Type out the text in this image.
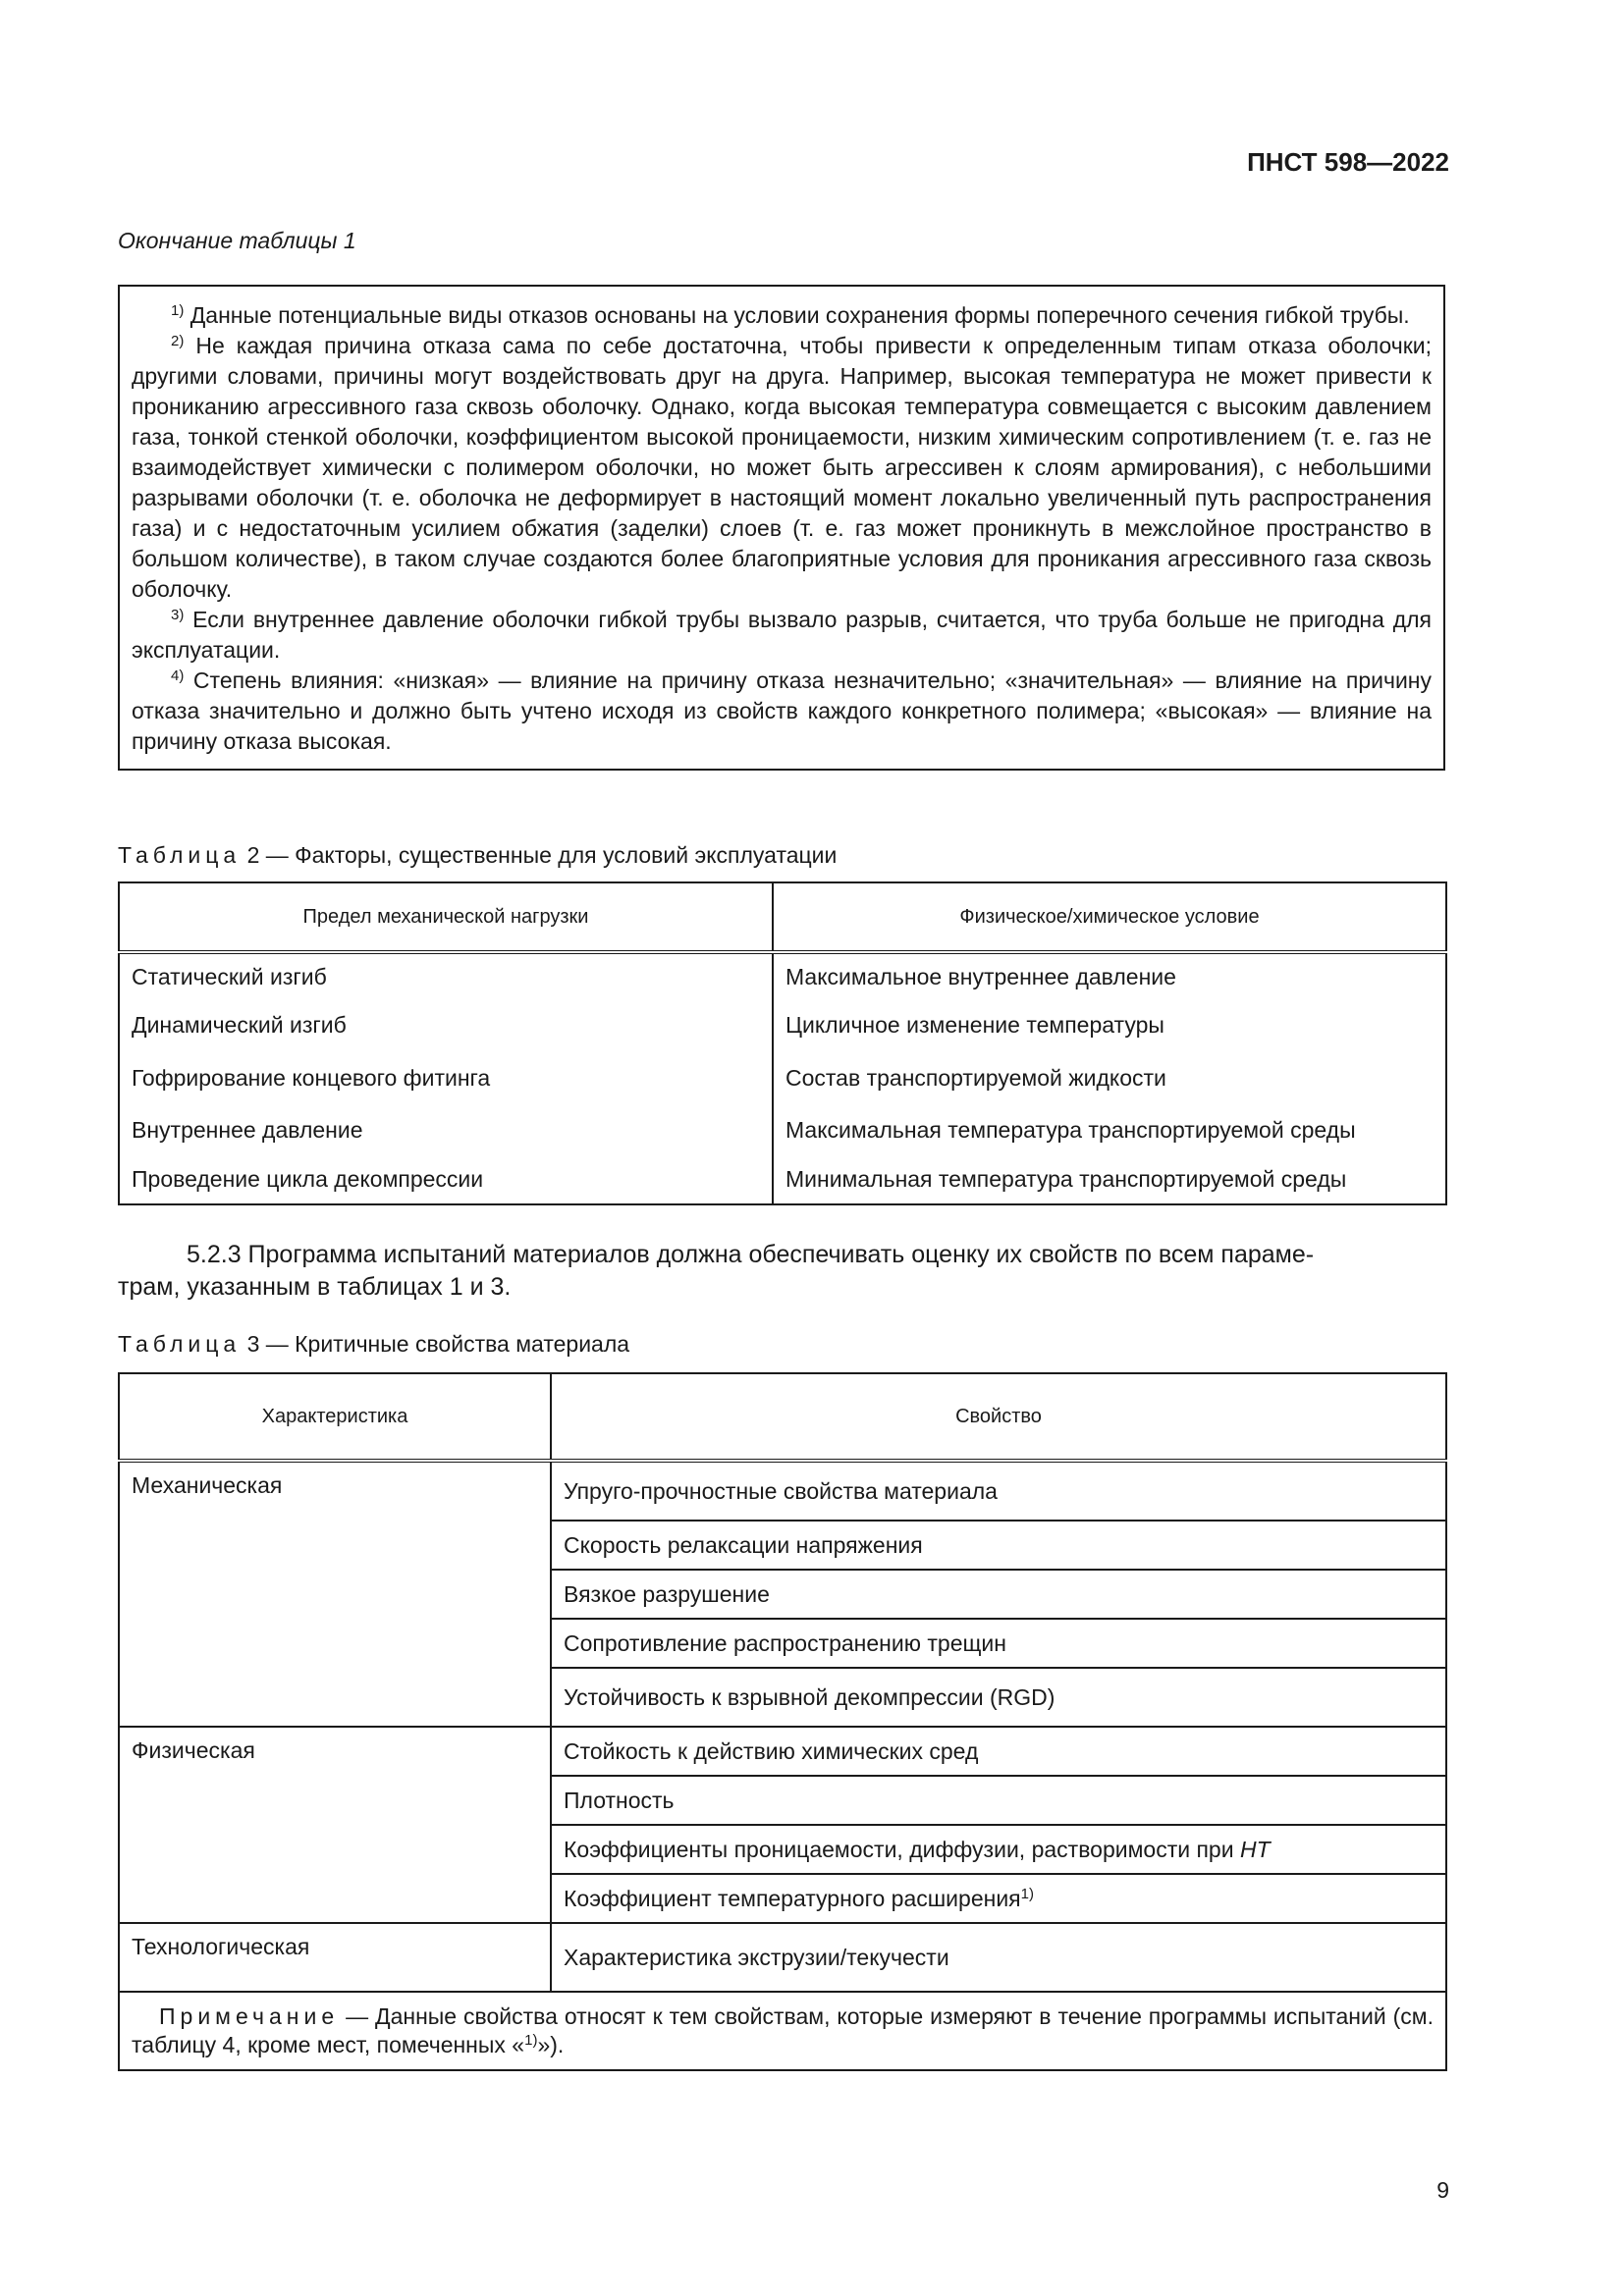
ПНСТ 598—2022
Окончание таблицы 1

$^{1)}$ Данные потенциальные виды отказов основаны на условии сохранения формы поперечного сечения гибкой трубы.

$^{2)}$ Не каждая причина отказа сама по себе достаточна, чтобы привести к определенным типам отказа оболочки; другими словами, причины могут воздействовать друг на друга. Например, высокая температура не может привести к прониканию агрессивного газа сквозь оболочку. Однако, когда высокая температура совмещается с высоким давлением газа, тонкой стенкой оболочки, коэффициентом высокой проницаемости, низким химическим сопротивлением (т. е. газ не взаимодействует химически с полимером оболочки, но может быть агрессивен к слоям армирования), с небольшими разрывами оболочки (т. е. оболочка не деформирует в настоящий момент локально увеличенный путь распространения газа) и с недостаточным усилием обжатия (заделки) слоев (т. е. газ может проникнуть в межслойное пространство в большом количестве), в таком случае создаются более благоприятные условия для проникания агрессивного газа сквозь оболочку.

$^{3)}$ Если внутреннее давление оболочки гибкой трубы вызвало разрыв, считается, что труба больше не пригодна для эксплуатации.

$^{4)}$ Степень влияния: «низкая» — влияние на причину отказа незначительно; «значительная» — влияние на причину отказа значительно и должно быть учтено исходя из свойств каждого конкретного полимера; «высокая» — влияние на причину отказа высокая.

Таблица 2 — Факторы, существенные для условий эксплуатации
Предел механической нагрузки	Физическое/химическое условие
Статический изгиб	Максимальное внутреннее давление
Динамический изгиб	Цикличное изменение температуры
Гофрирование концевого фитинга	Состав транспортируемой жидкости
Внутреннее давление	Максимальная температура транспортируемой среды
Проведение цикла декомпрессии	Минимальная температура транспортируемой среды
5.2.3 Программа испытаний материалов должна обеспечивать оценку их свойств по всем параме-
трам, указанным в таблицах 1 и 3.
Таблица 3 — Критичные свойства материала
Характеристика	Свойство
Механическая	Упруго-прочностные свойства материала
	Скорость релаксации напряжения
	Вязкое разрушение
	Сопротивление распространению трещин
	Устойчивость к взрывной декомпрессии (RGD)
Физическая	Стойкость к действию химических сред
	Плотность
	Коэффициенты проницаемости, диффузии, растворимости при HT
	Коэффициент температурного расширения$^{1)}$
Технологическая	Характеристика экструзии/текучести
Примечание — Данные свойства относят к тем свойствам, которые измеряют в течение программы испытаний (см. таблицу 4, кроме мест, помеченных «$^{1)}$»).	
9
